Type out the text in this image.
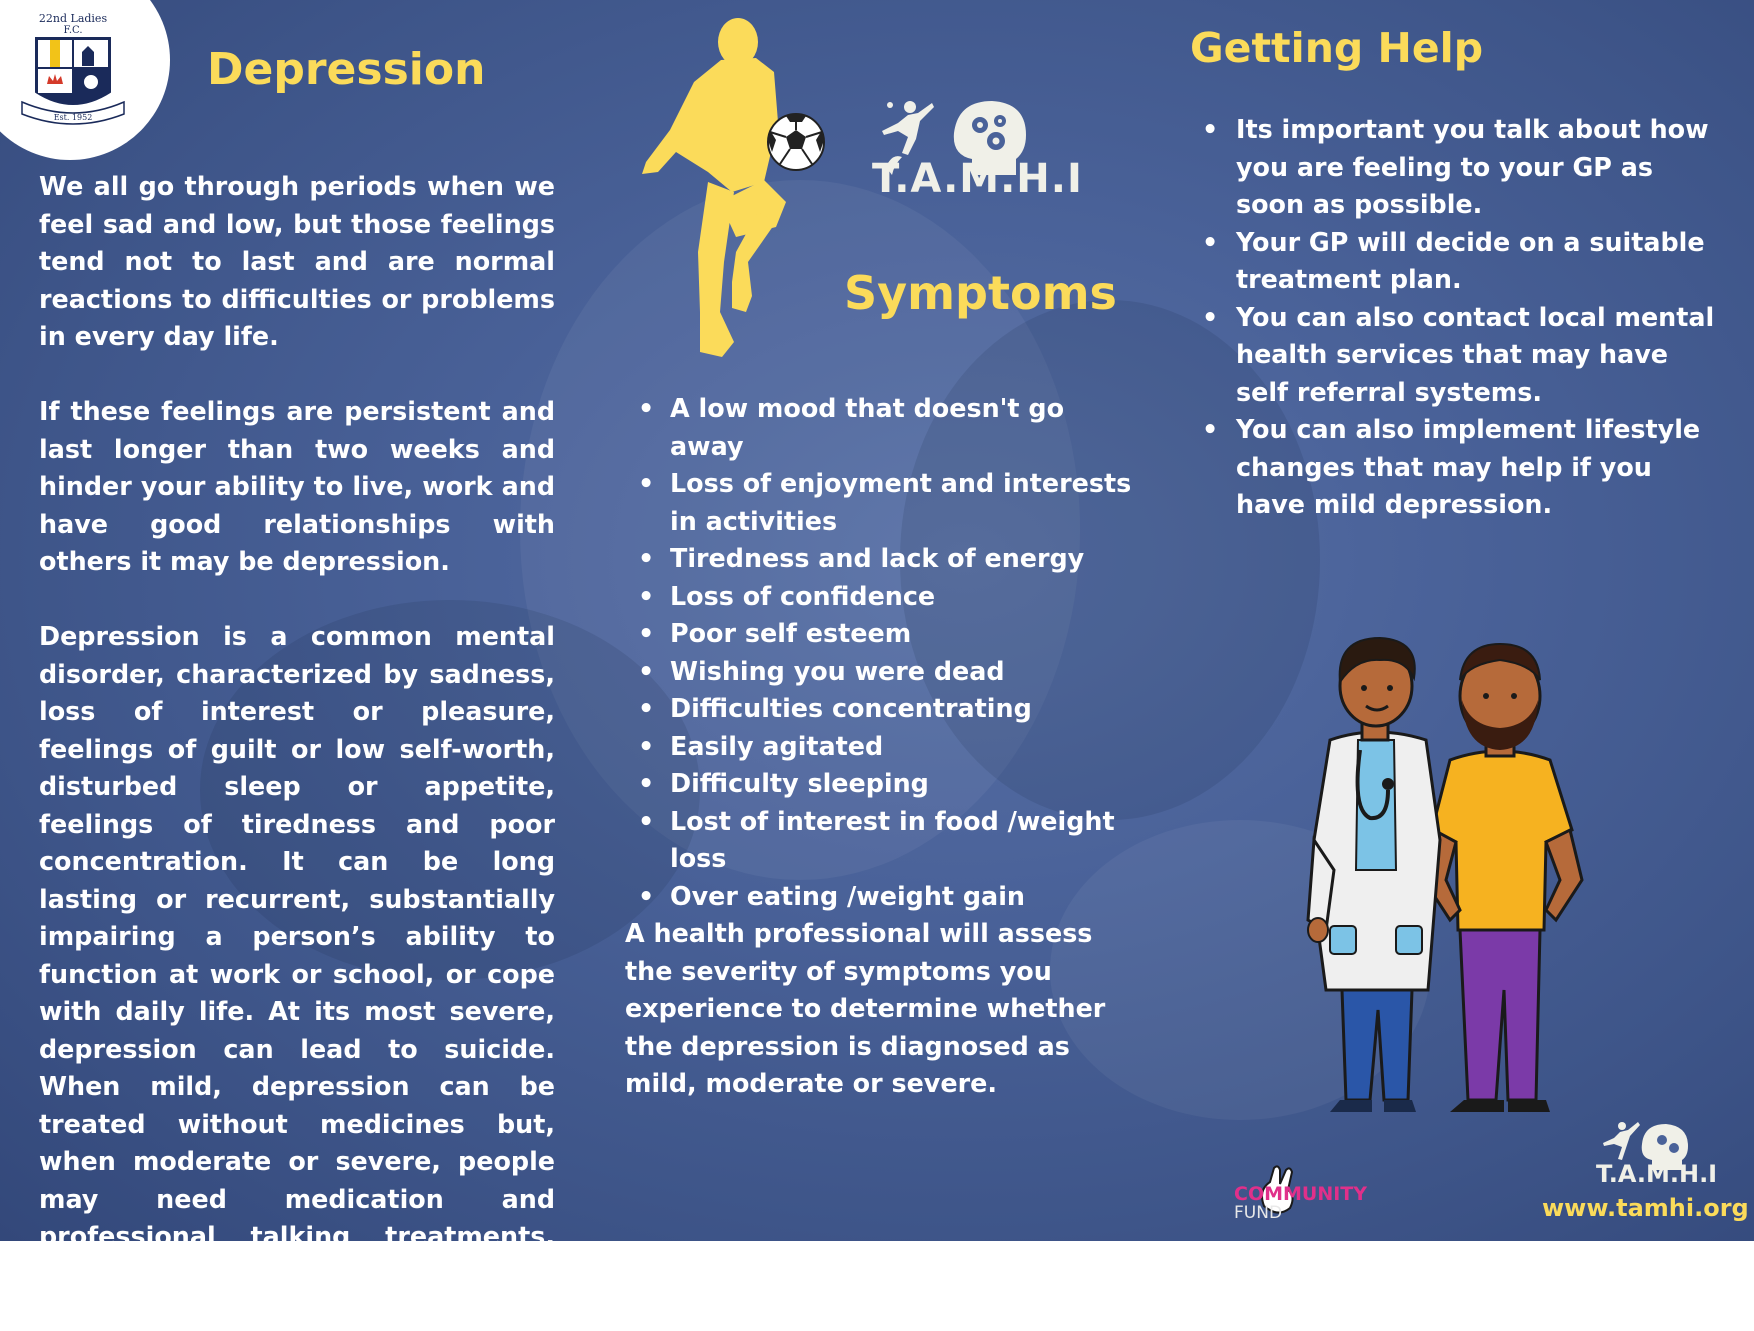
22nd Ladies
F.C.
Est. 1952
Depression

We all go through periods when we feel sad and low, but those feelings tend not to last and are normal reactions to difficulties or problems in every day life.

If these feelings are persistent and last longer than two weeks and hinder your ability to live, work and have good relationships with others it may be depression.

Depression is a common mental disorder, characterized by sadness, loss of interest or pleasure, feelings of guilt or low self-worth, disturbed sleep or appetite, feelings of tiredness and poor concentration. It can be long lasting or recurrent, substantially impairing a person’s ability to function at work or school, or cope with daily life. At its most severe, depression can lead to suicide. When mild, depression can be treated without medicines but, when moderate or severe, people may need medication and professional talking treatments. (WHO)

T.A.M.H.I
Symptoms
• A low mood that doesn't go away
• Loss of enjoyment and interests in activities
• Tiredness and lack of energy
• Loss of confidence
• Poor self esteem
• Wishing you were dead
• Difficulties concentrating
• Easily agitated
• Difficulty sleeping
• Lost of interest in food /weight loss
• Over eating /weight gain

A health professional will assess the severity of symptoms you experience to determine whether the depression is diagnosed as mild, moderate or severe.

Getting Help
• Its important you talk about how you are feeling to your GP as soon as possible.
• Your GP will decide on a suitable treatment plan.
• You can also contact local mental health services that may have self referral systems.
• You can also implement lifestyle changes that may help if you have mild depression.
COMMUNITY
FUND
T.A.M.H.I
www.tamhi.org
